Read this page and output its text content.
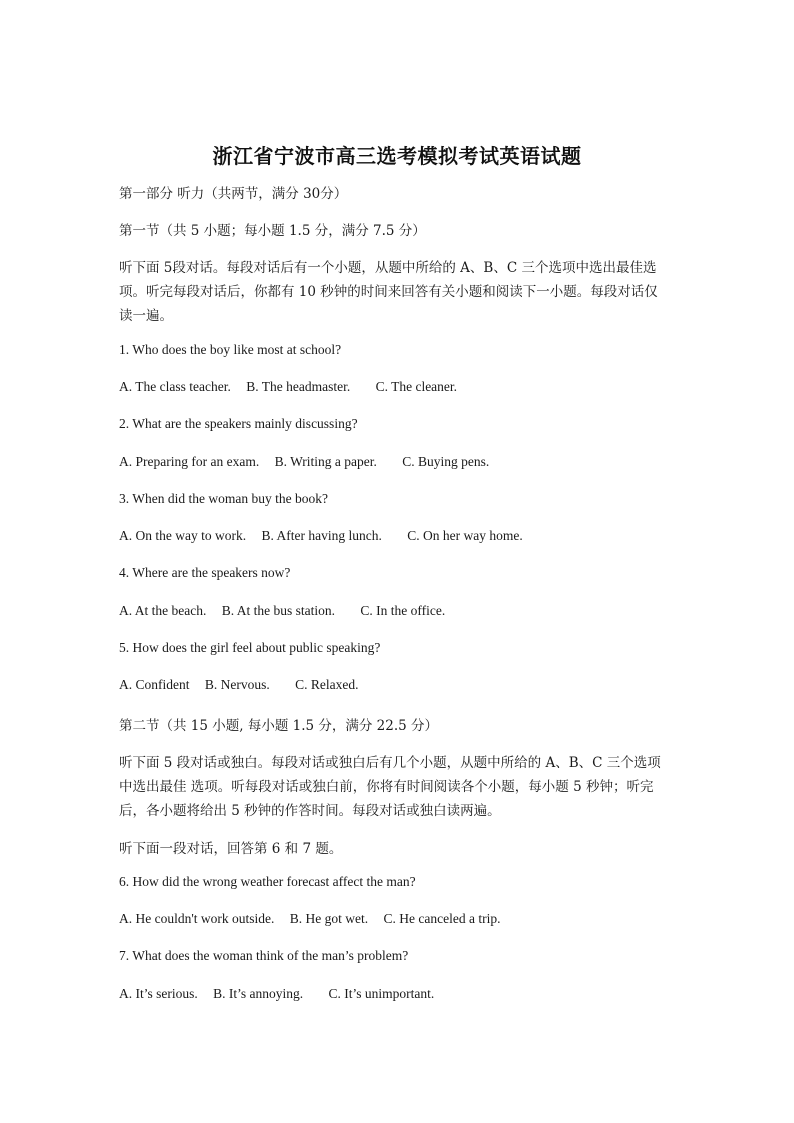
浙江省宁波市高三选考模拟考试英语试题
第一部分 听力（共两节，满分 30分）
第一节（共 5 小题；每小题 1.5 分，满分 7.5 分）
听下面 5段对话。每段对话后有一个小题，从题中所给的 A、B、C 三个选项中选出最佳选
项。听完每段对话后，你都有 10 秒钟的时间来回答有关小题和阅读下一小题。每段对话仅
读一遍。
1. Who does the boy like most at school?
A. The class teacher. B. The headmaster. C. The cleaner.
2. What are the speakers mainly discussing?
A. Preparing for an exam. B. Writing a paper. C. Buying pens.
3. When did the woman buy the book?
A. On the way to work. B. After having lunch. C. On her way home.
4. Where are the speakers now?
A. At the beach. B. At the bus station. C. In the office.
5. How does the girl feel about public speaking?
A. Confident B. Nervous. C. Relaxed.
第二节（共 15 小题, 每小题 1.5 分，满分 22.5 分）
听下面 5 段对话或独白。每段对话或独白后有几个小题，从题中所给的 A、B、C 三个选项
中选出最佳 选项。听每段对话或独白前，你将有时间阅读各个小题，每小题 5 秒钟；听完
后，各小题将给出 5 秒钟的作答时间。每段对话或独白读两遍。
听下面一段对话，回答第 6 和 7 题。
6. How did the wrong weather forecast affect the man?
A. He couldn't work outside. B. He got wet. C. He canceled a trip.
7. What does the woman think of the man’s problem?
A. It’s serious. B. It’s annoying. C. It’s unimportant.
